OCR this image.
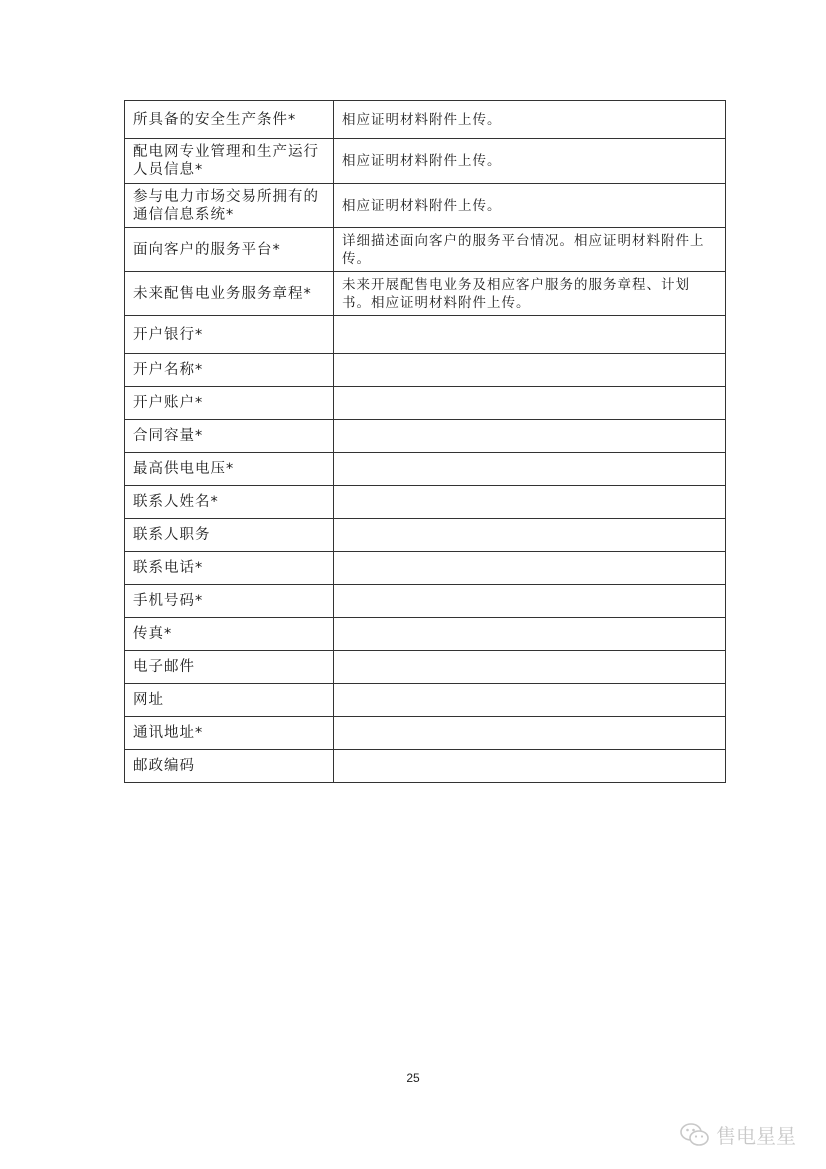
所具备的安全生产条件*	相应证明材料附件上传。
配电网专业管理和生产运行人员信息*	相应证明材料附件上传。
参与电力市场交易所拥有的通信信息系统*	相应证明材料附件上传。
面向客户的服务平台*	详细描述面向客户的服务平台情况。相应证明材料附件上传。
未来配售电业务服务章程*	未来开展配售电业务及相应客户服务的服务章程、计划书。相应证明材料附件上传。
开户银行*	
开户名称*	
开户账户*	
合同容量*	
最高供电电压*	
联系人姓名*	
联系人职务	
联系电话*	
手机号码*	
传真*	
电子邮件	
网址	
通讯地址*	
邮政编码	
25
售电星星
